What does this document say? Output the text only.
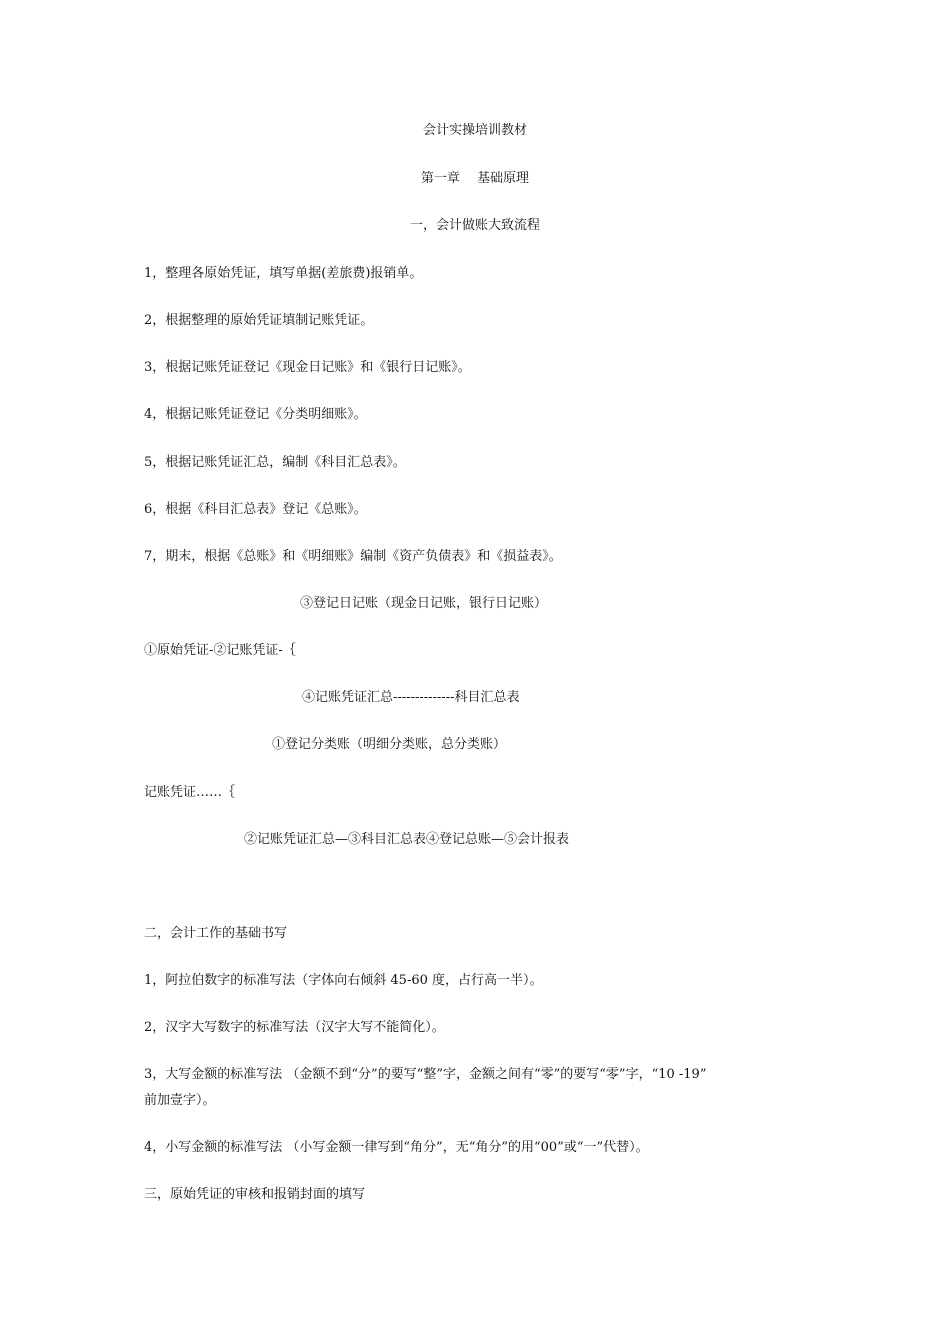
会计实操培训教材

第一章　 基础原理

一，会计做账大致流程

1，整理各原始凭证，填写单据(差旅费)报销单。

2，根据整理的原始凭证填制记账凭证。

3，根据记账凭证登记《现金日记账》和《银行日记账》。

4，根据记账凭证登记《分类明细账》。

5，根据记账凭证汇总，编制《科目汇总表》。

6，根据《科目汇总表》登记《总账》。

7，期末，根据《总账》和《明细账》编制《资产负债表》和《损益表》。

③登记日记账（现金日记账，银行日记账）

①原始凭证-②记账凭证-｛

④记账凭证汇总--------------科目汇总表

①登记分类账（明细分类账，总分类账）

记账凭证……｛

②记账凭证汇总—③科目汇总表④登记总账—⑤会计报表

二，会计工作的基础书写

1，阿拉伯数字的标准写法（字体向右倾斜 45-60 度，占行高一半）。

2，汉字大写数字的标准写法（汉字大写不能简化）。

3，大写金额的标准写法 （金额不到“分”的要写“整”字，金额之间有“零”的要写“零”字，“10 -19”

前加壹字）。

4，小写金额的标准写法 （小写金额一律写到“角分”，无“角分”的用“00”或“一”代替）。

三，原始凭证的审核和报销封面的填写
